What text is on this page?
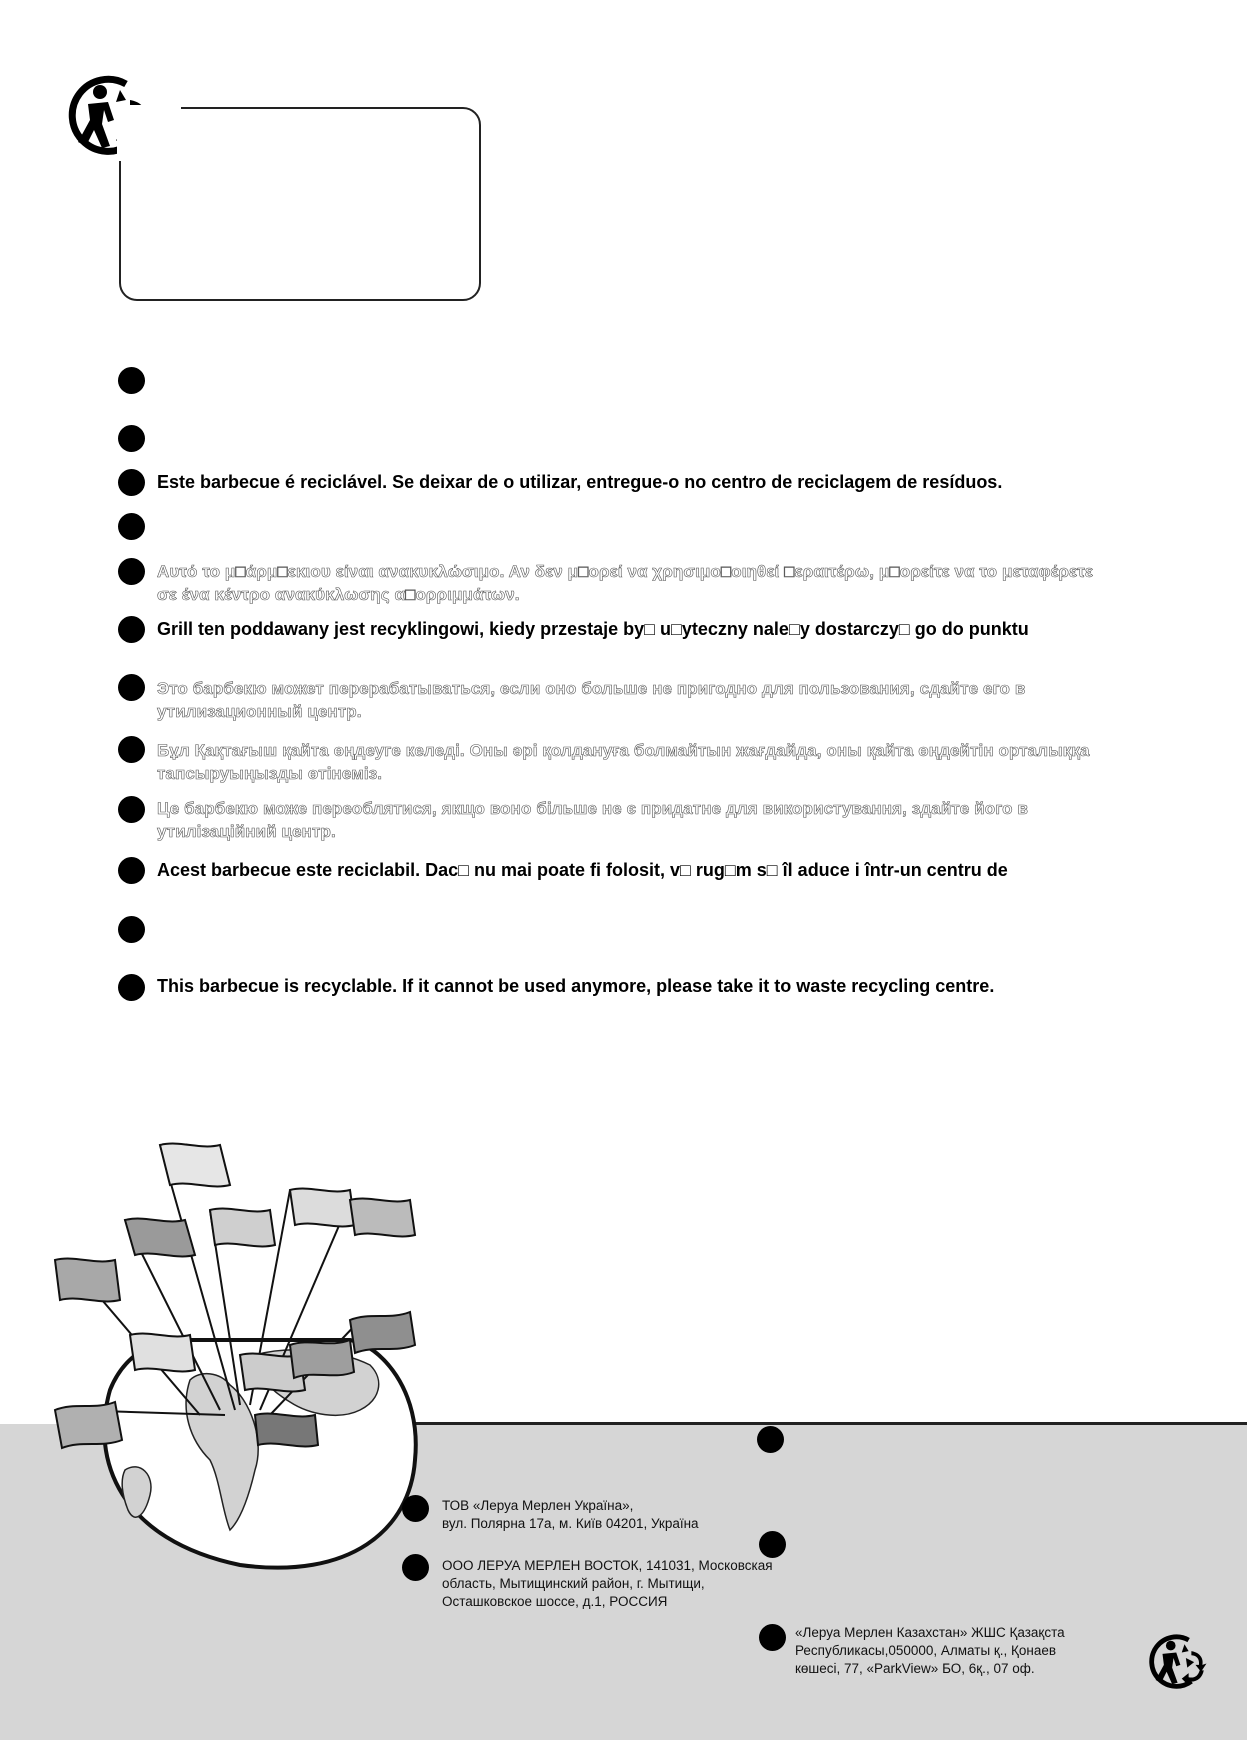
Este barbecue é reciclável. Se deixar de o utilizar, entregue-o no centro de reciclagem de resíduos.

Αυτό το μ□άρμ□εκιου είναι ανακυκλώσιμο. Αν δεν μ□ορεί να χρησιμο□οιηθεί □εραιτέρω, μ□ορείτε να το μεταφέρετε σε ένα κέντρο ανακύκλωσης α□ορριμμάτων.

Grill ten poddawany jest recyklingowi, kiedy przestaje by□ u□yteczny nale□y dostarczy□ go do punktu

Это барбекю может перерабатываться, если оно больше не пригодно для пользования, сдайте его в утилизационный центр.

Бұл Қақтағыш қайта өңдеуге келеді. Оны әрі қолдануға болмайтын жағдайда, оны қайта өңдейтін орталыққа тапсыруыңызды өтінеміз.

Це барбекю може переоблятися, якщо воно більше не є придатне для використування, здайте його в утилізаційний центр.

Acest barbecue este reciclabil. Dac□ nu mai poate fi folosit, v□ rug□m s□ îl aduce i într-un centru de

This barbecue is recyclable. If it cannot be used anymore, please take it to waste recycling centre.

ТОВ «Леруа Мерлен Україна»,
вул. Полярна 17а, м. Київ 04201, Україна

ООО ЛЕРУА МЕРЛЕН ВОСТОК, 141031, Московская
область, Мытищинский район, г. Мытищи,
Осташковское шоссе, д.1, РОССИЯ

«Леруа Мерлен Казахстан» ЖШС Қазақста
Республикасы,050000, Алматы қ., Қонаев
көшесі, 77, «ParkView» БО, 6қ., 07 оф.
